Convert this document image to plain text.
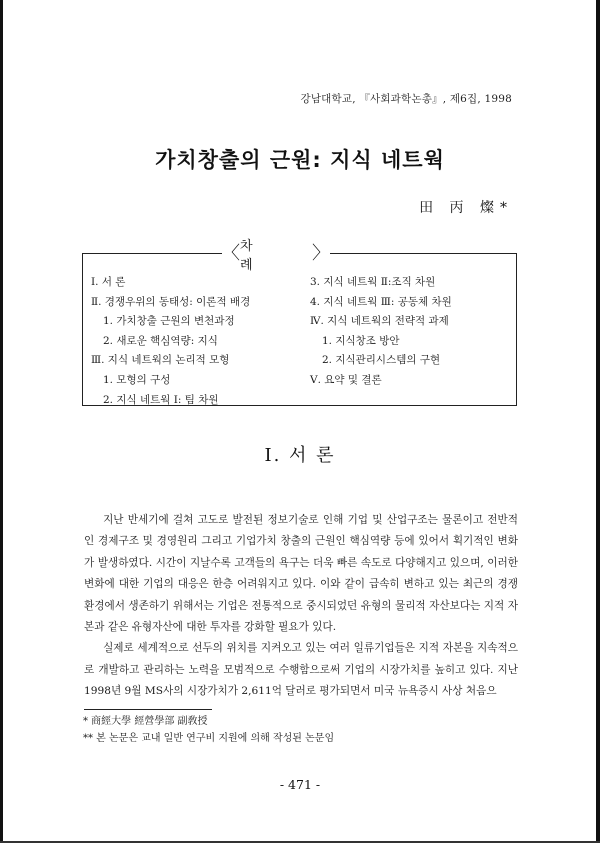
강남대학교, 『사회과학논총』, 제6집, 1998
가치창출의 근원: 지식 네트웍
田 丙 燦*
〈 차 례
〉
Ⅰ. 서 론
Ⅱ. 경쟁우위의 동태성: 이론적 배경
1. 가치창출 근원의 변천과정
2. 새로운 핵심역량: 지식
Ⅲ. 지식 네트웍의 논리적 모형
1. 모형의 구성
2. 지식 네트웍 Ⅰ: 팀 차원
3. 지식 네트웍 Ⅱ:조직 차원
4. 지식 네트웍 Ⅲ: 공동체 차원
Ⅳ. 지식 네트웍의 전략적 과제
1. 지식창조 방안
2. 지식관리시스템의 구현
Ⅴ. 요약 및 결론
Ⅰ. 서 론

지난 반세기에 걸쳐 고도로 발전된 정보기술로 인해 기업 및 산업구조는 물론이고 전반적인 경제구조 및 경영원리 그리고 기업가치 창출의 근원인 핵심역량 등에 있어서 획기적인 변화가 발생하였다. 시간이 지날수록 고객들의 욕구는 더욱 빠른 속도로 다양해지고 있으며, 이러한 변화에 대한 기업의 대응은 한층 어려워지고 있다. 이와 같이 급속히 변하고 있는 최근의 경쟁환경에서 생존하기 위해서는 기업은 전통적으로 중시되었던 유형의 물리적 자산보다는 지적 자본과 같은 유형자산에 대한 투자를 강화할 필요가 있다.

실제로 세계적으로 선두의 위치를 지켜오고 있는 여러 일류기업들은 지적 자본을 지속적으로 개발하고 관리하는 노력을 모범적으로 수행함으로써 기업의 시장가치를 높히고 있다. 지난 1998년 9월 MS사의 시장가치가 2,611억 달러로 평가되면서 미국 뉴욕증시 사상 처음으

* 商經大學 經營學部 副敎授
** 본 논문은 교내 일반 연구비 지원에 의해 작성된 논문임
- 471 -
